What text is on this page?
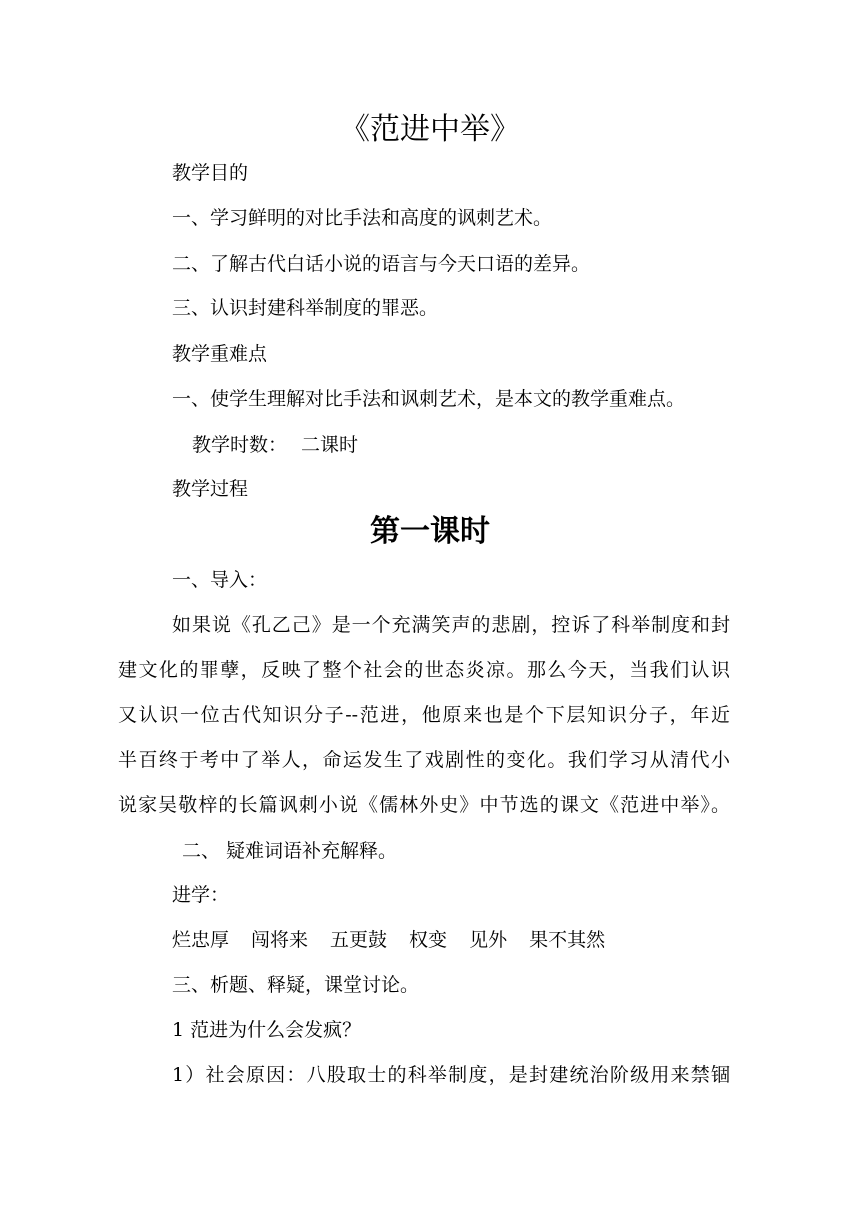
《范进中举》
教学目的
一、学习鲜明的对比手法和高度的讽刺艺术。
二、了解古代白话小说的语言与今天口语的差异。
三、认识封建科举制度的罪恶。
教学重难点
一、使学生理解对比手法和讽刺艺术，是本文的教学重难点。
教学时数： 二课时
教学过程
第一课时
一、导入：
如果说《孔乙己》是一个充满笑声的悲剧，控诉了科举制度和封
建文化的罪孽，反映了整个社会的世态炎凉。那么今天，当我们认识
又认识一位古代知识分子--范进，他原来也是个下层知识分子，年近
半百终于考中了举人，命运发生了戏剧性的变化。我们学习从清代小
说家吴敬梓的长篇讽刺小说《儒林外史》中节选的课文《范进中举》。
二、 疑难词语补充解释。
进学：
烂忠厚 闯将来 五更鼓 权变 见外 果不其然
三、析题、释疑，课堂讨论。
1 范进为什么会发疯？
1）社会原因：八股取士的科举制度，是封建统治阶级用来禁锢
